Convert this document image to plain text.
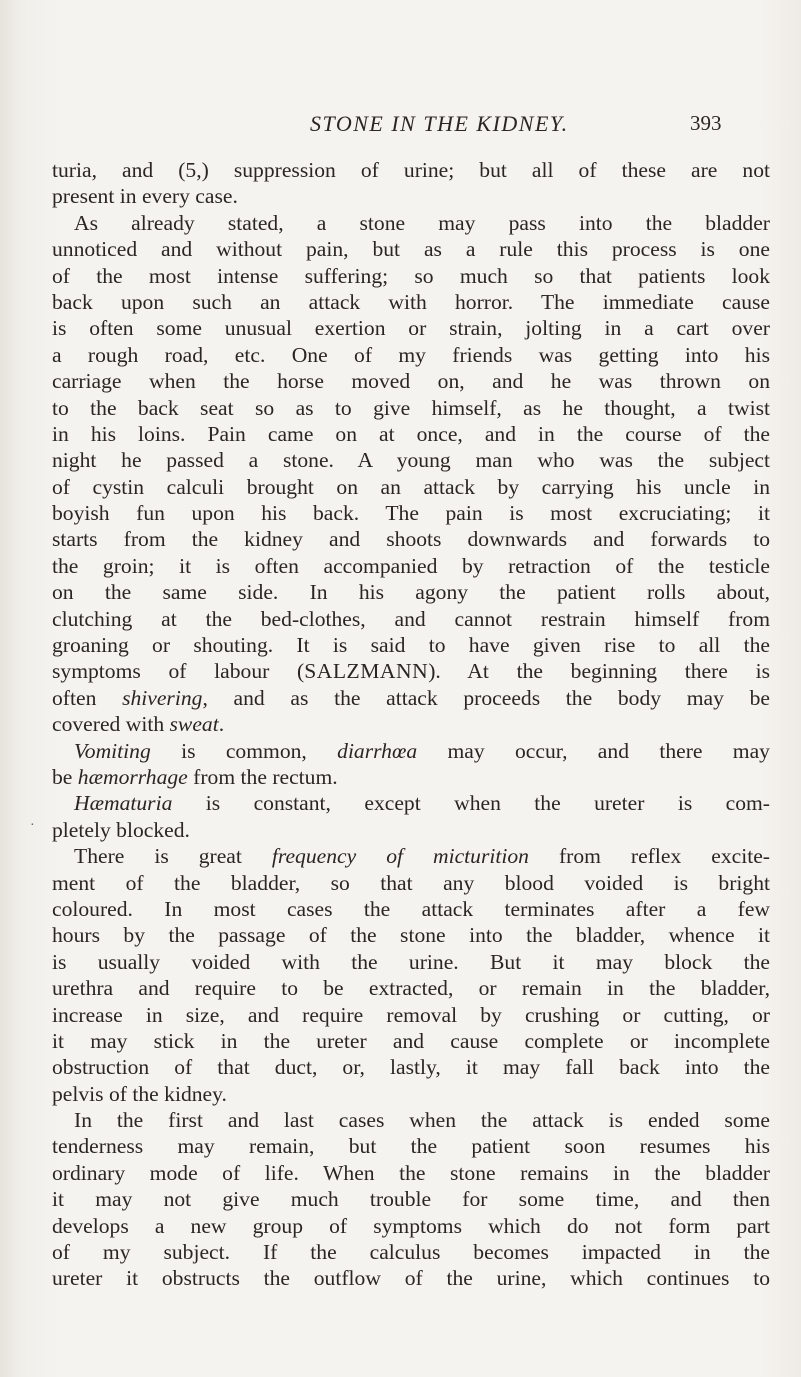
STONE IN THE KIDNEY.	393
·
turia, and (5,) suppression of urine; but all of these are not
present in every case.
As already stated, a stone may pass into the bladder
unnoticed and without pain, but as a rule this process is one
of the most intense suffering; so much so that patients look
back upon such an attack with horror. The immediate cause
is often some unusual exertion or strain, jolting in a cart over
a rough road, etc. One of my friends was getting into his
carriage when the horse moved on, and he was thrown on
to the back seat so as to give himself, as he thought, a twist
in his loins. Pain came on at once, and in the course of the
night he passed a stone. A young man who was the subject
of cystin calculi brought on an attack by carrying his uncle in
boyish fun upon his back. The pain is most excruciating; it
starts from the kidney and shoots downwards and forwards to
the groin; it is often accompanied by retraction of the testicle
on the same side. In his agony the patient rolls about,
clutching at the bed-clothes, and cannot restrain himself from
groaning or shouting. It is said to have given rise to all the
symptoms of labour (SALZMANN). At the beginning there is
often shivering, and as the attack proceeds the body may be
covered with sweat.
Vomiting is common, diarrhœa may occur, and there may
be hæmorrhage from the rectum.
Hæmaturia is constant, except when the ureter is com-
pletely blocked.
There is great frequency of micturition from reflex excite-
ment of the bladder, so that any blood voided is bright
coloured. In most cases the attack terminates after a few
hours by the passage of the stone into the bladder, whence it
is usually voided with the urine. But it may block the
urethra and require to be extracted, or remain in the bladder,
increase in size, and require removal by crushing or cutting, or
it may stick in the ureter and cause complete or incomplete
obstruction of that duct, or, lastly, it may fall back into the
pelvis of the kidney.
In the first and last cases when the attack is ended some
tenderness may remain, but the patient soon resumes his
ordinary mode of life. When the stone remains in the bladder
it may not give much trouble for some time, and then
develops a new group of symptoms which do not form part
of my subject. If the calculus becomes impacted in the
ureter it obstructs the outflow of the urine, which continues to
